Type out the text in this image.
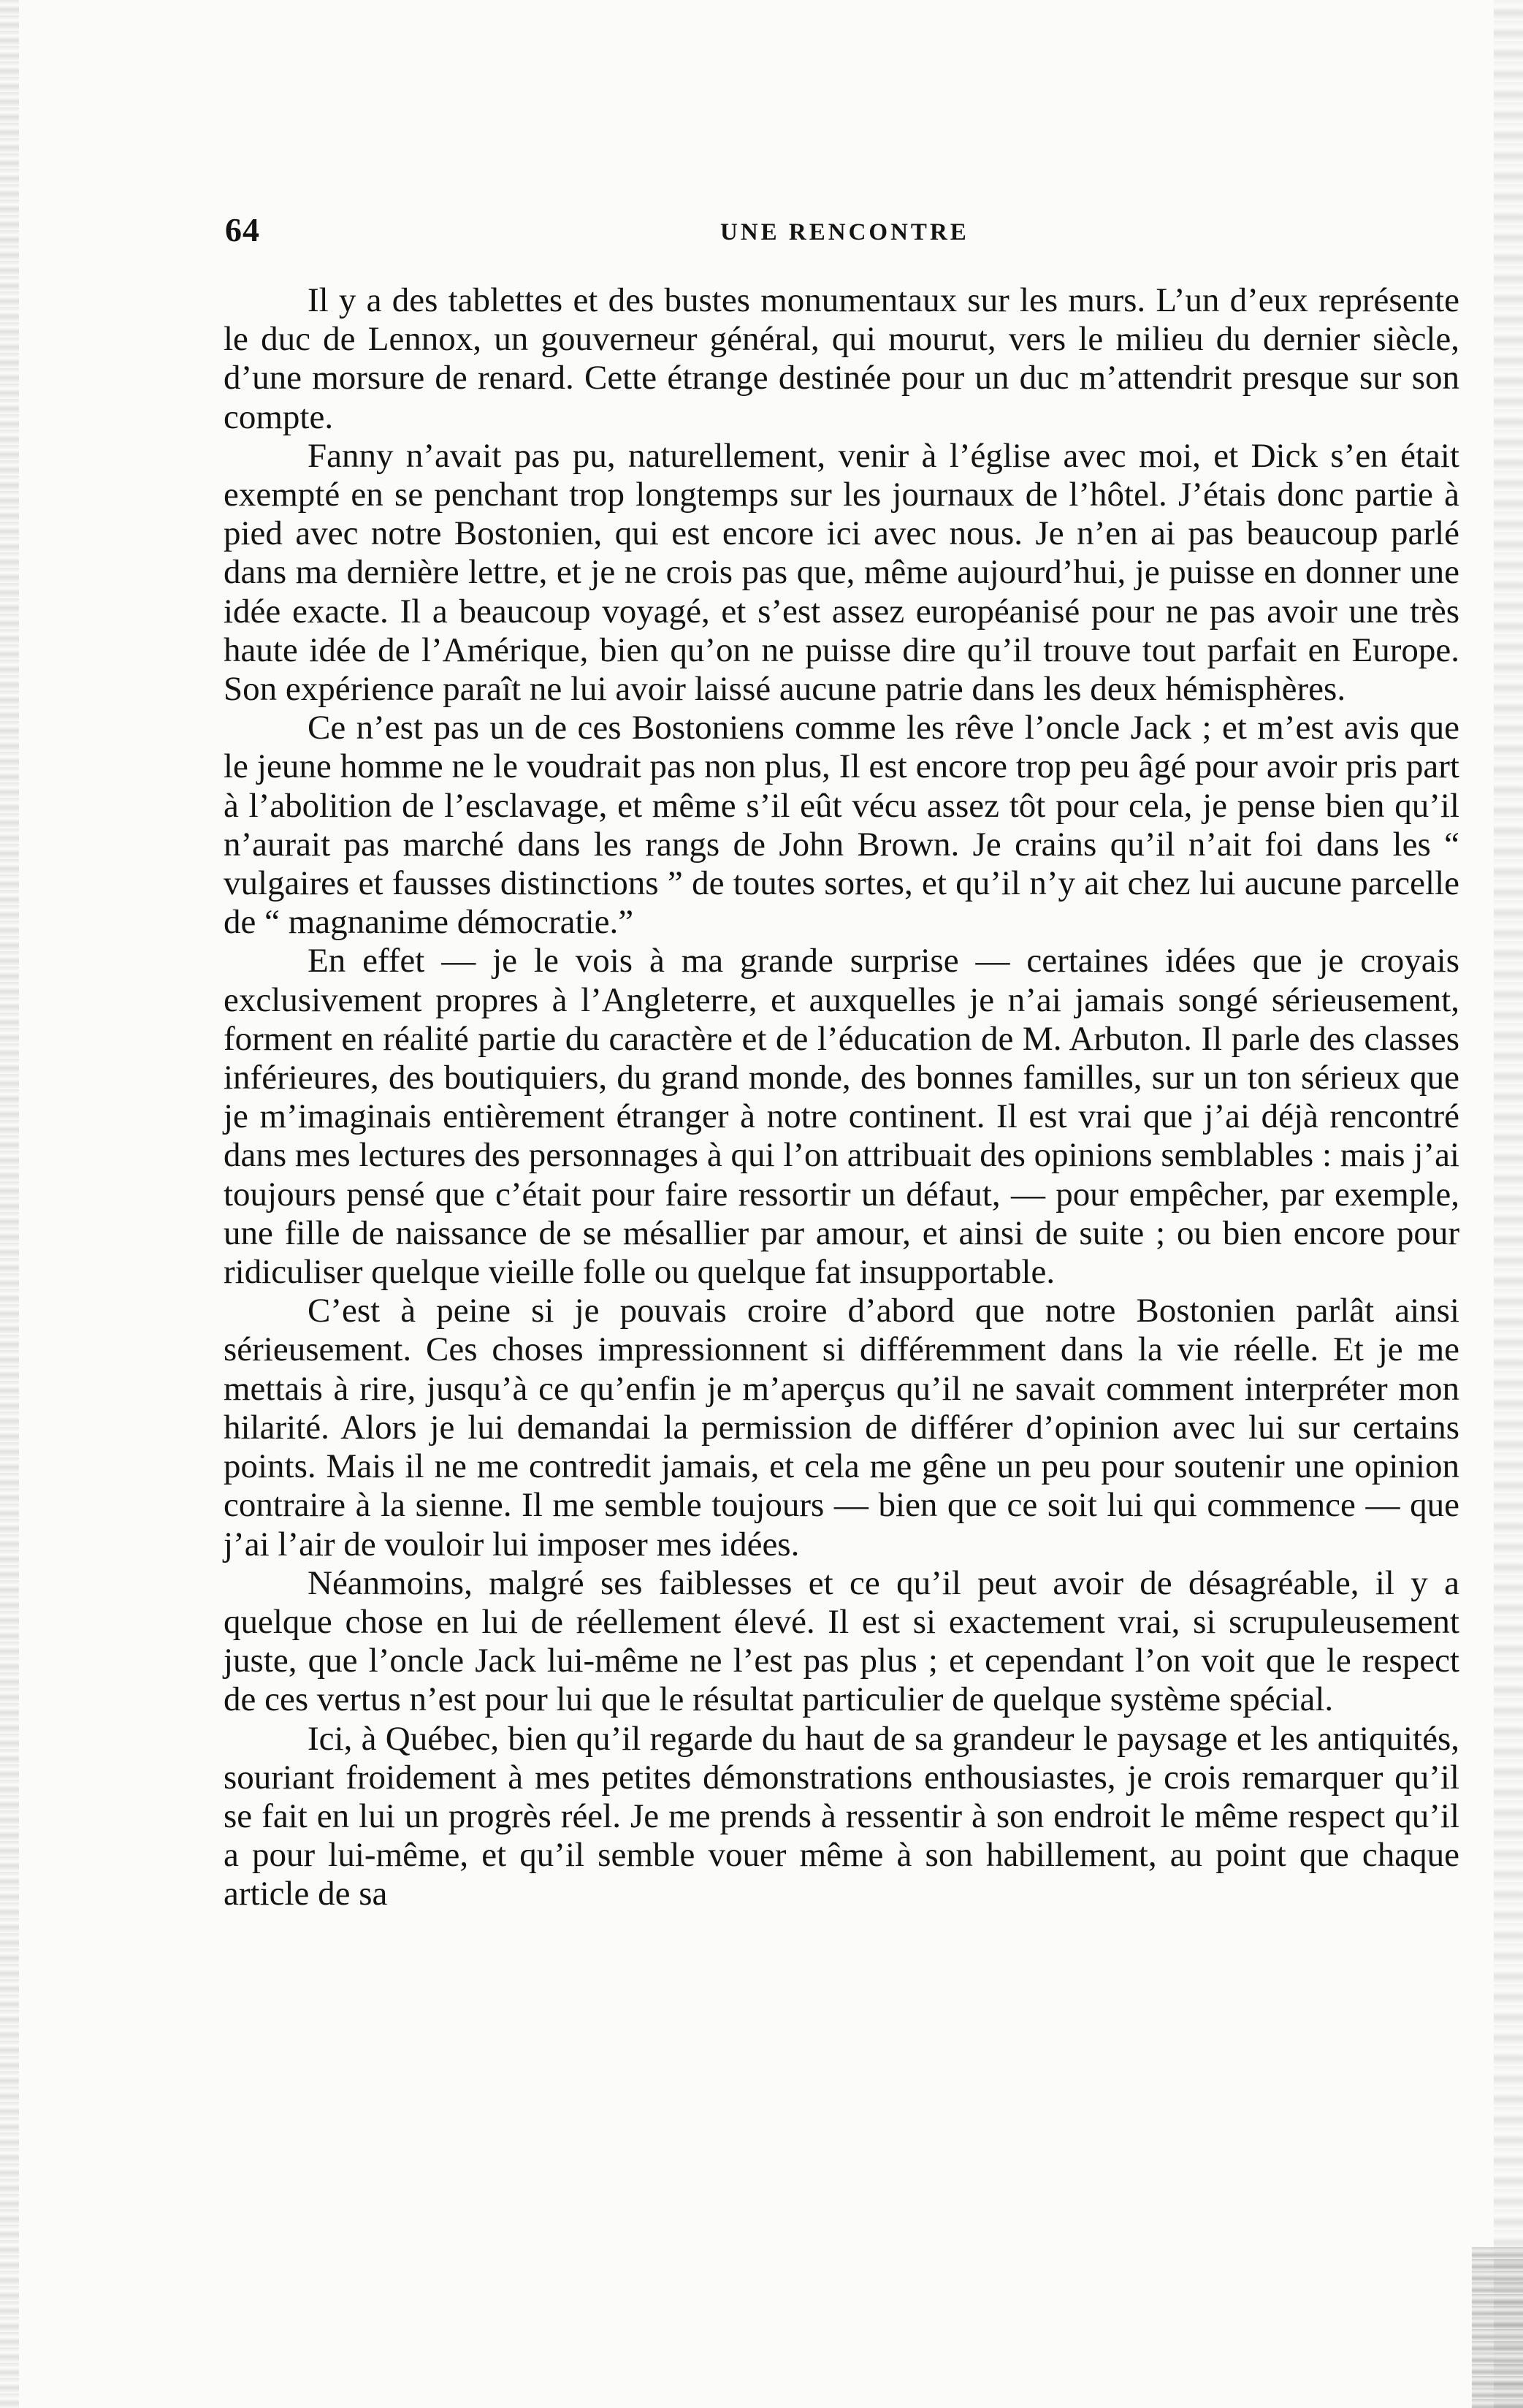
64	UNE RENCONTRE

Il y a des tablettes et des bustes monumentaux sur les murs. L’un d’eux représente le duc de Lennox, un gouverneur général, qui mourut, vers le milieu du dernier siècle, d’une morsure de renard. Cette étrange destinée pour un duc m’attendrit presque sur son compte.

Fanny n’avait pas pu, naturellement, venir à l’église avec moi, et Dick s’en était exempté en se penchant trop longtemps sur les journaux de l’hôtel. J’étais donc partie à pied avec notre Bostonien, qui est encore ici avec nous. Je n’en ai pas beaucoup parlé dans ma dernière lettre, et je ne crois pas que, même aujourd’hui, je puisse en donner une idée exacte. Il a beaucoup voyagé, et s’est assez européanisé pour ne pas avoir une très haute idée de l’Amérique, bien qu’on ne puisse dire qu’il trouve tout parfait en Europe. Son expérience paraît ne lui avoir laissé aucune patrie dans les deux hémisphères.

Ce n’est pas un de ces Bostoniens comme les rêve l’oncle Jack ; et m’est avis que le jeune homme ne le voudrait pas non plus, Il est encore trop peu âgé pour avoir pris part à l’abolition de l’esclavage, et même s’il eût vécu assez tôt pour cela, je pense bien qu’il n’aurait pas marché dans les rangs de John Brown. Je crains qu’il n’ait foi dans les “ vulgaires et fausses distinctions ” de toutes sortes, et qu’il n’y ait chez lui aucune parcelle de “ magnanime démocratie.”

En effet — je le vois à ma grande surprise — certaines idées que je croyais exclusivement propres à l’Angleterre, et auxquelles je n’ai jamais songé sérieusement, forment en réalité partie du caractère et de l’éducation de M. Arbuton. Il parle des classes inférieures, des boutiquiers, du grand monde, des bonnes familles, sur un ton sérieux que je m’imaginais entièrement étranger à notre continent. Il est vrai que j’ai déjà rencontré dans mes lectures des personnages à qui l’on attribuait des opinions semblables : mais j’ai toujours pensé que c’était pour faire ressortir un défaut, — pour empêcher, par exemple, une fille de naissance de se mésallier par amour, et ainsi de suite ; ou bien encore pour ridiculiser quelque vieille folle ou quelque fat insupportable.

C’est à peine si je pouvais croire d’abord que notre Bostonien parlât ainsi sérieusement. Ces choses impressionnent si différemment dans la vie réelle. Et je me mettais à rire, jusqu’à ce qu’enfin je m’aperçus qu’il ne savait comment interpréter mon hilarité. Alors je lui demandai la permission de différer d’opinion avec lui sur certains points. Mais il ne me contredit jamais, et cela me gêne un peu pour soutenir une opinion contraire à la sienne. Il me semble toujours — bien que ce soit lui qui commence — que j’ai l’air de vouloir lui imposer mes idées.

Néanmoins, malgré ses faiblesses et ce qu’il peut avoir de désagréable, il y a quelque chose en lui de réellement élevé. Il est si exactement vrai, si scrupuleusement juste, que l’oncle Jack lui-même ne l’est pas plus ; et cependant l’on voit que le respect de ces vertus n’est pour lui que le résultat particulier de quelque système spécial.

Ici, à Québec, bien qu’il regarde du haut de sa grandeur le paysage et les antiquités, souriant froidement à mes petites démonstrations enthousiastes, je crois remarquer qu’il se fait en lui un progrès réel. Je me prends à ressentir à son endroit le même respect qu’il a pour lui-même, et qu’il semble vouer même à son habillement, au point que chaque article de sa
